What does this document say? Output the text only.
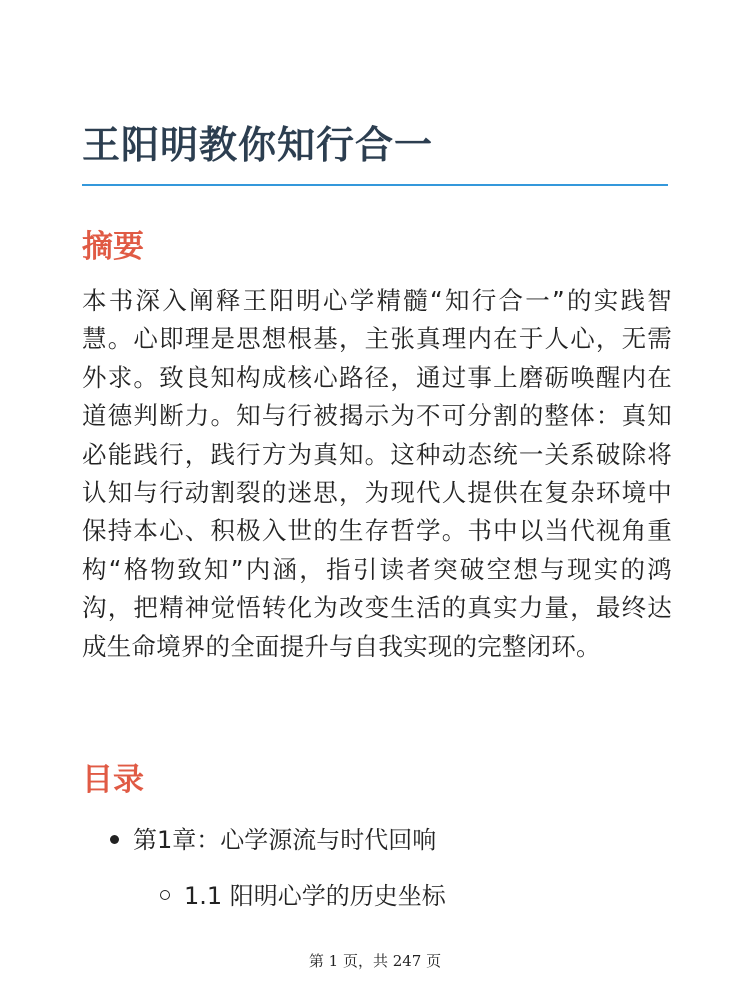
王阳明教你知行合一
摘要

本书深入阐释王阳明心学精髓“知行合一”的实践智慧。心即理是思想根基，主张真理内在于人心，无需外求。致良知构成核心路径，通过事上磨砺唤醒内在道德判断力。知与行被揭示为不可分割的整体：真知必能践行，践行方为真知。这种动态统一关系破除将认知与行动割裂的迷思，为现代人提供在复杂环境中保持本心、积极入世的生存哲学。书中以当代视角重构“格物致知”内涵，指引读者突破空想与现实的鸿沟，把精神觉悟转化为改变生活的真实力量，最终达成生命境界的全面提升与自我实现的完整闭环。

目录
第1章：心学源流与时代回响
1.1 阳明心学的历史坐标
第 1 页，共 247 页
